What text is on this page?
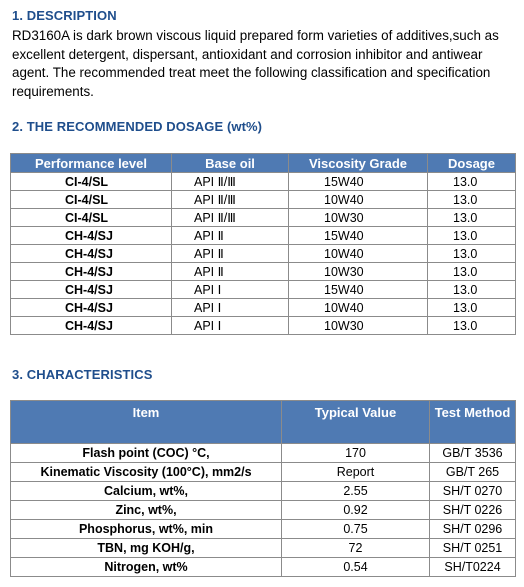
1. DESCRIPTION

RD3160A is dark brown viscous liquid prepared form varieties of additives,such as excellent detergent, dispersant, antioxidant and corrosion inhibitor and antiwear agent. The recommended treat meet the following classification and specification requirements.

2. THE RECOMMENDED DOSAGE (wt%)
Performance level	Base oil	Viscosity Grade	Dosage
CI-4/SL	API Ⅱ/Ⅲ	15W40	13.0
CI-4/SL	API Ⅱ/Ⅲ	10W40	13.0
CI-4/SL	API Ⅱ/Ⅲ	10W30	13.0
CH-4/SJ	API Ⅱ	15W40	13.0
CH-4/SJ	API Ⅱ	10W40	13.0
CH-4/SJ	API Ⅱ	10W30	13.0
CH-4/SJ	API Ⅰ	15W40	13.0
CH-4/SJ	API Ⅰ	10W40	13.0
CH-4/SJ	API Ⅰ	10W30	13.0
3. CHARACTERISTICS
Item	Typical Value	Test Method
Flash point (COC) °C,	170	GB/T 3536
Kinematic Viscosity (100°C), mm2/s	Report	GB/T 265
Calcium, wt%,	2.55	SH/T 0270
Zinc, wt%,	0.92	SH/T 0226
Phosphorus, wt%, min	0.75	SH/T 0296
TBN, mg KOH/g,	72	SH/T 0251
Nitrogen, wt%	0.54	SH/T0224
